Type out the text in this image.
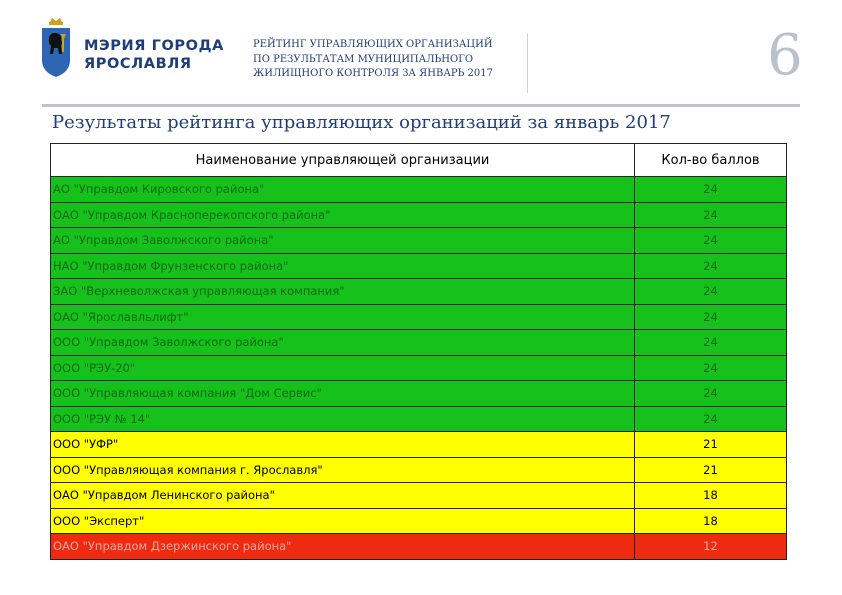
МЭРИЯ ГОРОДА
ЯРОСЛАВЛЯ
РЕЙТИНГ УПРАВЛЯЮЩИХ ОРГАНИЗАЦИЙ
ПО РЕЗУЛЬТАТАМ МУНИЦИПАЛЬНОГО
ЖИЛИЩНОГО КОНТРОЛЯ ЗА ЯНВАРЬ 2017	6
Результаты рейтинга управляющих организаций за январь 2017
Наименование управляющей организации	Кол-во баллов
АО "Управдом Кировского района"	24
ОАО "Управдом Красноперекопского района"	24
АО "Управдом Заволжского района"	24
НАО "Управдом Фрунзенского района"	24
ЗАО "Верхневолжская управляющая компания"	24
ОАО "Ярославльлифт"	24
ООО "Управдом Заволжского района"	24
ООО "РЭУ-20"	24
ООО "Управляющая компания "Дом Сервис"	24
ООО "РЭУ № 14"	24
ООО "УФР"	21
ООО "Управляющая компания г. Ярославля"	21
ОАО "Управдом Ленинского района"	18
ООО "Эксперт"	18
ОАО "Управдом Дзержинского района"	12
